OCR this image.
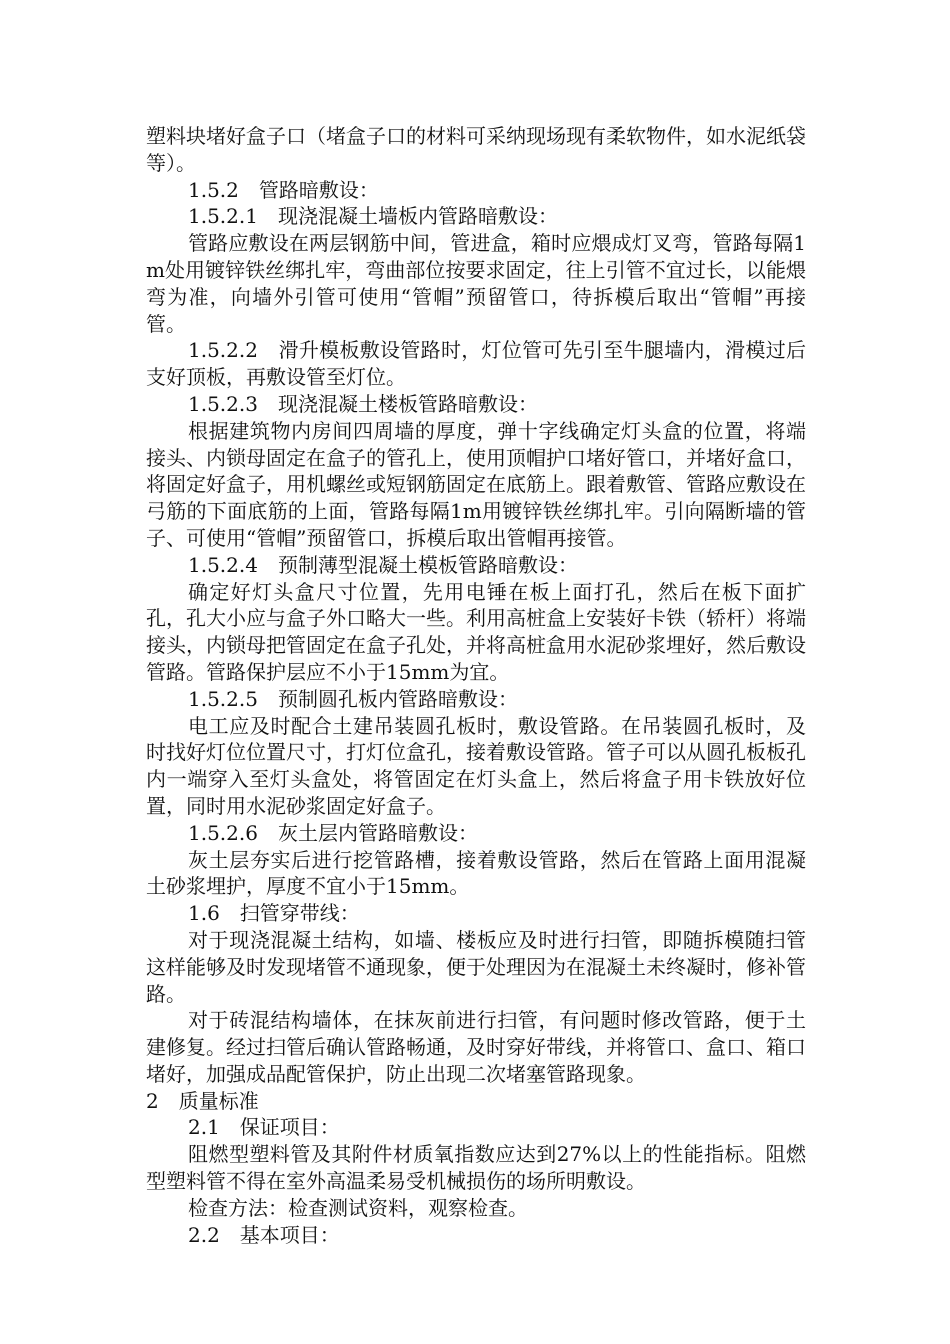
塑料块堵好盒子口（堵盒子口的材料可采纳现场现有柔软物件，如水泥纸袋等）。

1.5.2　管路暗敷设：

1.5.2.1　现浇混凝土墙板内管路暗敷设：

管路应敷设在两层钢筋中间，管进盒，箱时应煨成灯叉弯，管路每隔1m处用镀锌铁丝绑扎牢，弯曲部位按要求固定，往上引管不宜过长，以能煨弯为准，向墙外引管可使用“管帽”预留管口，待拆模后取出“管帽”再接管。

1.5.2.2　滑升模板敷设管路时，灯位管可先引至牛腿墙内，滑模过后支好顶板，再敷设管至灯位。

1.5.2.3　现浇混凝土楼板管路暗敷设：

根据建筑物内房间四周墙的厚度，弹十字线确定灯头盒的位置，将端接头、内锁母固定在盒子的管孔上，使用顶帽护口堵好管口，并堵好盒口，将固定好盒子，用机螺丝或短钢筋固定在底筋上。跟着敷管、管路应敷设在弓筋的下面底筋的上面，管路每隔1m用镀锌铁丝绑扎牢。引向隔断墙的管子、可使用“管帽”预留管口，拆模后取出管帽再接管。

1.5.2.4　预制薄型混凝土模板管路暗敷设：

确定好灯头盒尺寸位置，先用电锤在板上面打孔，然后在板下面扩孔，孔大小应与盒子外口略大一些。利用高桩盒上安装好卡铁（轿杆）将端接头，内锁母把管固定在盒子孔处，并将高桩盒用水泥砂浆埋好，然后敷设管路。管路保护层应不小于15mm为宜。

1.5.2.5　预制圆孔板内管路暗敷设：

电工应及时配合土建吊装圆孔板时，敷设管路。在吊装圆孔板时，及时找好灯位位置尺寸，打灯位盒孔，接着敷设管路。管子可以从圆孔板板孔内一端穿入至灯头盒处，将管固定在灯头盒上，然后将盒子用卡铁放好位置，同时用水泥砂浆固定好盒子。

1.5.2.6　灰土层内管路暗敷设：

灰土层夯实后进行挖管路槽，接着敷设管路，然后在管路上面用混凝土砂浆埋护，厚度不宜小于15mm。

1.6　扫管穿带线：

对于现浇混凝土结构，如墙、楼板应及时进行扫管，即随拆模随扫管这样能够及时发现堵管不通现象，便于处理因为在混凝土未终凝时，修补管路。

对于砖混结构墙体，在抹灰前进行扫管，有问题时修改管路，便于土建修复。经过扫管后确认管路畅通，及时穿好带线，并将管口、盒口、箱口堵好，加强成品配管保护，防止出现二次堵塞管路现象。

2　质量标准

2.1　保证项目：

阻燃型塑料管及其附件材质氧指数应达到27%以上的性能指标。阻燃型塑料管不得在室外高温柔易受机械损伤的场所明敷设。

检查方法：检查测试资料，观察检查。

2.2　基本项目：
